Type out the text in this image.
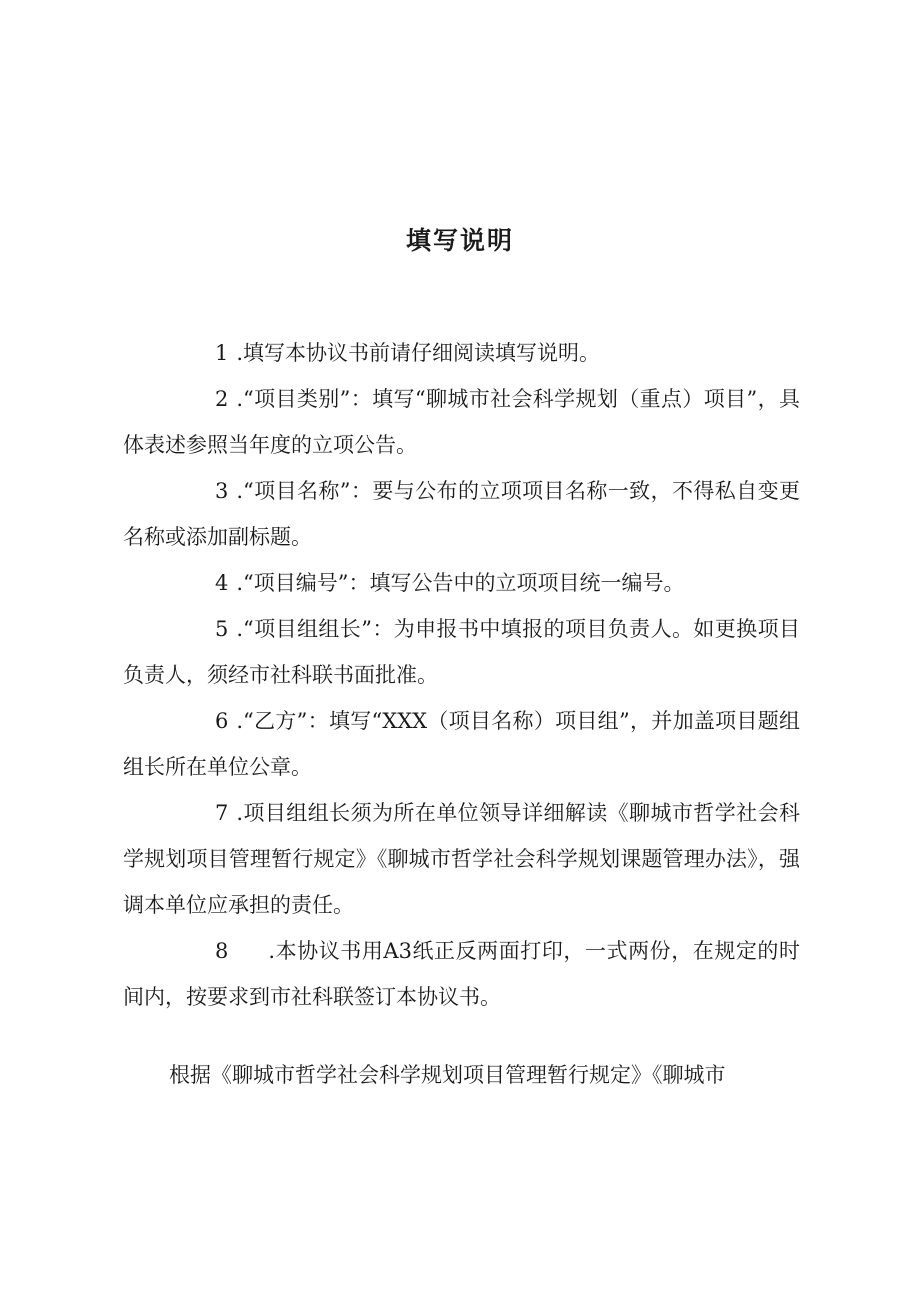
填写说明

1 .填写本协议书前请仔细阅读填写说明。

2 .“项目类别”：填写“聊城市社会科学规划（重点）项目”，具体表述参照当年度的立项公告。

3 .“项目名称”：要与公布的立项项目名称一致，不得私自变更名称或添加副标题。

4 .“项目编号”：填写公告中的立项项目统一编号。

5 .“项目组组长”：为申报书中填报的项目负责人。如更换项目负责人，须经市社科联书面批准。

6 .“乙方”：填写“XXX（项目名称）项目组”，并加盖项目题组组长所在单位公章。

7 .项目组组长须为所在单位领导详细解读《聊城市哲学社会科学规划项目管理暂行规定》《聊城市哲学社会科学规划课题管理办法》，强调本单位应承担的责任。

8 .本协议书用A3纸正反两面打印，一式两份，在规定的时间内，按要求到市社科联签订本协议书。

根据《聊城市哲学社会科学规划项目管理暂行规定》《聊城市
